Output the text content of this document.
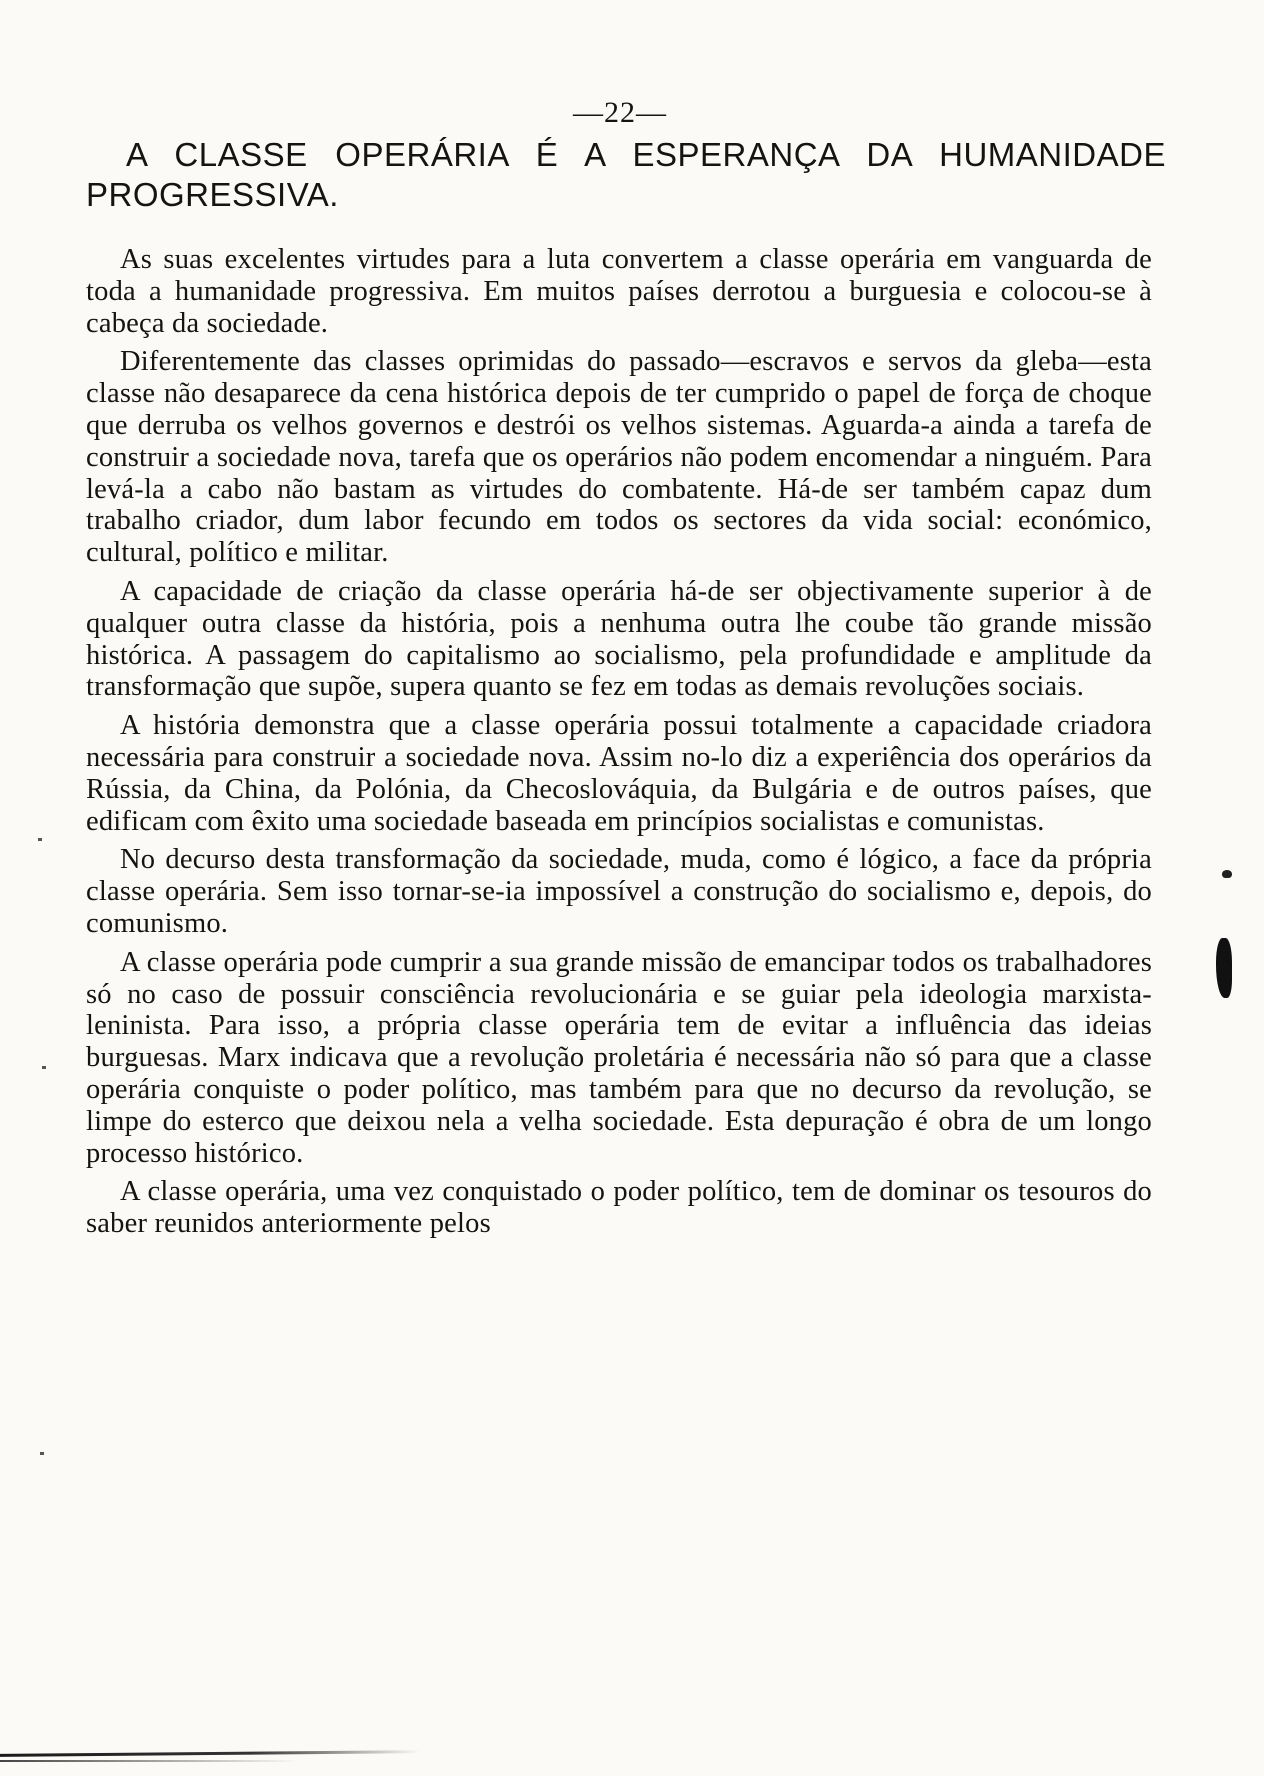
—22—
A CLASSE OPERÁRIA É A ESPERANÇA DA HUMANIDADE PROGRESSIVA.

As suas excelentes virtudes para a luta convertem a classe operária em vanguarda de toda a humanidade progressiva. Em muitos países derrotou a burguesia e colocou-se à cabeça da sociedade.

Diferentemente das classes oprimidas do passado—escravos e servos da gleba—esta classe não desaparece da cena histórica depois de ter cumprido o papel de força de choque que derruba os velhos governos e destrói os velhos sistemas. Aguarda-a ainda a tarefa de construir a sociedade nova, tarefa que os operários não podem encomendar a ninguém. Para levá-la a cabo não bastam as virtudes do combatente. Há-de ser também capaz dum trabalho criador, dum labor fecundo em todos os sectores da vida social: económico, cultural, político e militar.

A capacidade de criação da classe operária há-de ser objectivamente superior à de qualquer outra classe da história, pois a nenhuma outra lhe coube tão grande missão histórica. A passagem do capitalismo ao socialismo, pela profundidade e amplitude da transformação que supõe, supera quanto se fez em todas as demais revoluções sociais.

A história demonstra que a classe operária possui totalmente a capacidade criadora necessária para construir a sociedade nova. Assim no-lo diz a experiência dos operários da Rússia, da China, da Polónia, da Checoslováquia, da Bulgária e de outros países, que edificam com êxito uma sociedade baseada em princípios socialistas e comunistas.

No decurso desta transformação da sociedade, muda, como é lógico, a face da própria classe operária. Sem isso tornar-se-ia impossível a construção do socialismo e, depois, do comunismo.

A classe operária pode cumprir a sua grande missão de emancipar todos os trabalhadores só no caso de possuir consciência revolucionária e se guiar pela ideologia marxista-leninista. Para isso, a própria classe operária tem de evitar a influência das ideias burguesas. Marx indicava que a revolução proletária é necessária não só para que a classe operária conquiste o poder político, mas também para que no decurso da revolução, se limpe do esterco que deixou nela a velha sociedade. Esta depuração é obra de um longo processo histórico.

A classe operária, uma vez conquistado o poder político, tem de dominar os tesouros do saber reunidos anteriormente pelos
